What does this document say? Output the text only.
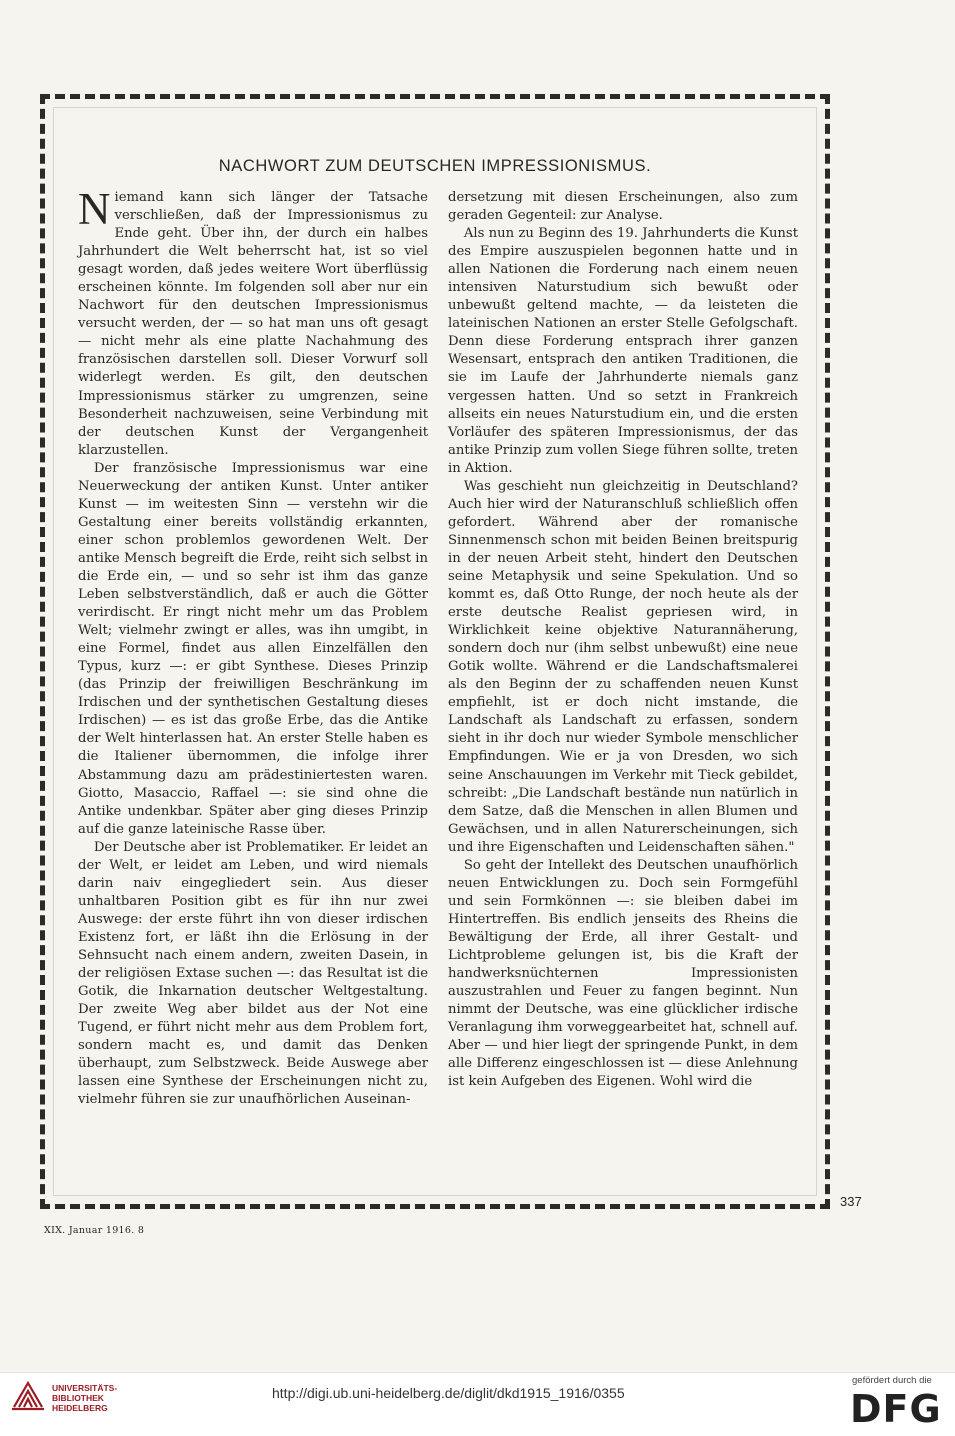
NACHWORT ZUM DEUTSCHEN IMPRESSIONISMUS.

Niemand kann sich länger der Tatsache verschließen, daß der Impressionismus zu Ende geht. Über ihn, der durch ein halbes Jahrhundert die Welt beherrscht hat, ist so viel gesagt worden, daß jedes weitere Wort überflüssig erscheinen könnte. Im folgenden soll aber nur ein Nachwort für den deutschen Impressionismus versucht werden, der — so hat man uns oft gesagt — nicht mehr als eine platte Nachahmung des französischen darstellen soll. Dieser Vorwurf soll widerlegt werden. Es gilt, den deutschen Impressionismus stärker zu umgrenzen, seine Besonderheit nachzuweisen, seine Verbindung mit der deutschen Kunst der Vergangenheit klarzustellen.

Der französische Impressionismus war eine Neuerweckung der antiken Kunst. Unter antiker Kunst — im weitesten Sinn — verstehn wir die Gestaltung einer bereits vollständig erkannten, einer schon problemlos gewordenen Welt. Der antike Mensch begreift die Erde, reiht sich selbst in die Erde ein, — und so sehr ist ihm das ganze Leben selbstverständlich, daß er auch die Götter verirdischt. Er ringt nicht mehr um das Problem Welt; vielmehr zwingt er alles, was ihn umgibt, in eine Formel, findet aus allen Einzelfällen den Typus, kurz —: er gibt Synthese. Dieses Prinzip (das Prinzip der freiwilligen Beschränkung im Irdischen und der synthetischen Gestaltung dieses Irdischen) — es ist das große Erbe, das die Antike der Welt hinterlassen hat. An erster Stelle haben es die Italiener übernommen, die infolge ihrer Abstammung dazu am prädestiniertesten waren. Giotto, Masaccio, Raffael —: sie sind ohne die Antike undenkbar. Später aber ging dieses Prinzip auf die ganze lateinische Rasse über.

Der Deutsche aber ist Problematiker. Er leidet an der Welt, er leidet am Leben, und wird niemals darin naiv eingegliedert sein. Aus dieser unhaltbaren Position gibt es für ihn nur zwei Auswege: der erste führt ihn von dieser irdischen Existenz fort, er läßt ihn die Erlösung in der Sehnsucht nach einem andern, zweiten Dasein, in der religiösen Extase suchen —: das Resultat ist die Gotik, die Inkarnation deutscher Weltgestaltung. Der zweite Weg aber bildet aus der Not eine Tugend, er führt nicht mehr aus dem Problem fort, sondern macht es, und damit das Denken überhaupt, zum Selbstzweck. Beide Auswege aber lassen eine Synthese der Erscheinungen nicht zu, vielmehr führen sie zur unaufhörlichen Auseinan-

dersetzung mit diesen Erscheinungen, also zum geraden Gegenteil: zur Analyse.

Als nun zu Beginn des 19. Jahrhunderts die Kunst des Empire auszuspielen begonnen hatte und in allen Nationen die Forderung nach einem neuen intensiven Naturstudium sich bewußt oder unbewußt geltend machte, — da leisteten die lateinischen Nationen an erster Stelle Gefolgschaft. Denn diese Forderung entsprach ihrer ganzen Wesensart, entsprach den antiken Traditionen, die sie im Laufe der Jahrhunderte niemals ganz vergessen hatten. Und so setzt in Frankreich allseits ein neues Naturstudium ein, und die ersten Vorläufer des späteren Impressionismus, der das antike Prinzip zum vollen Siege führen sollte, treten in Aktion.

Was geschieht nun gleichzeitig in Deutschland? Auch hier wird der Naturanschluß schließlich offen gefordert. Während aber der romanische Sinnenmensch schon mit beiden Beinen breitspurig in der neuen Arbeit steht, hindert den Deutschen seine Metaphysik und seine Spekulation. Und so kommt es, daß Otto Runge, der noch heute als der erste deutsche Realist gepriesen wird, in Wirklichkeit keine objektive Naturannäherung, sondern doch nur (ihm selbst unbewußt) eine neue Gotik wollte. Während er die Landschaftsmalerei als den Beginn der zu schaffenden neuen Kunst empfiehlt, ist er doch nicht imstande, die Landschaft als Landschaft zu erfassen, sondern sieht in ihr doch nur wieder Symbole menschlicher Empfindungen. Wie er ja von Dresden, wo sich seine Anschauungen im Verkehr mit Tieck gebildet, schreibt: „Die Landschaft bestände nun natürlich in dem Satze, daß die Menschen in allen Blumen und Gewächsen, und in allen Naturerscheinungen, sich und ihre Eigenschaften und Leidenschaften sähen."

So geht der Intellekt des Deutschen unaufhörlich neuen Entwicklungen zu. Doch sein Formgefühl und sein Formkönnen —: sie bleiben dabei im Hintertreffen. Bis endlich jenseits des Rheins die Bewältigung der Erde, all ihrer Gestalt- und Lichtprobleme gelungen ist, bis die Kraft der handwerksnüchternen Impressionisten auszustrahlen und Feuer zu fangen beginnt. Nun nimmt der Deutsche, was eine glücklicher irdische Veranlagung ihm vorweggearbeitet hat, schnell auf. Aber — und hier liegt der springende Punkt, in dem alle Differenz eingeschlossen ist — diese Anlehnung ist kein Aufgeben des Eigenen. Wohl wird die

337
XIX. Januar 1916. 8
UNIVERSITÄTS-
BIBLIOTHEK
HEIDELBERG
http://digi.ub.uni-heidelberg.de/diglit/dkd1915_1916/0355
gefördert durch die
DFG
